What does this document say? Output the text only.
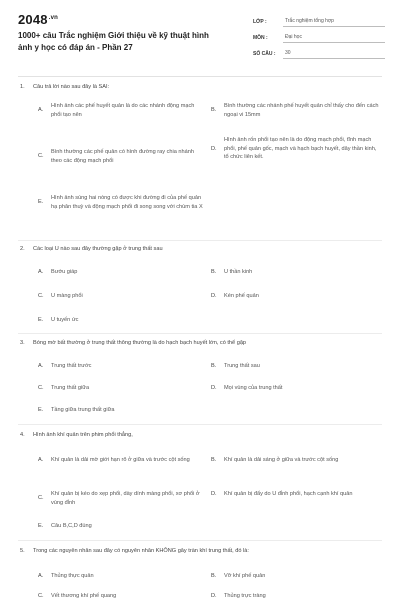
$2048^{.vn}$
1000+ câu Trắc nghiệm Giới thiệu về kỹ thuật hình ảnh y học có đáp án - Phần 27
LỚP :	Trắc nghiệm tổng hợp
MÔN :	Đại học
SỐ CÂU :	30
1. Câu trả lời nào sau đây là SAI:
A.
Hình ảnh các phế huyết quản là do các nhánh động mạch phổi tạo nên
B.
Bình thường các nhánh phế huyết quản chỉ thấy cho đến cách ngoại vi 15mm
C.
Bình thường các phế quản có hình đường ray chia nhánh theo các động mạch phổi
D.
Hình ảnh rốn phổi tạo nên là do động mạch phổi, tĩnh mạch phổi, phế quản gốc, mạch và hạch bạch huyết, dây thần kinh, tổ chức liên kết.
E.
Hình ảnh súng hai nòng có được khi đường đi của phế quản hạ phân thuỳ và động mạch phổi đi song song với chùm tia X
2. Các loại U nào sau đây thường gặp ở trung thất sau
A.	Bướu giáp	B.	U thần kinh
C.	U màng phổi	D.	Kén phế quản
E.	U tuyến ức
3. Bóng mờ bất thường ở trung thất thông thường là do hạch bạch huyết lớn, có thể gặp
A.	Trung thất trước	B.	Trung thất sau
C.	Trung thất giữa	D.	Mọi vùng của trung thất
E.	Tầng giữa trung thất giữa
4. Hình ảnh khí quản trên phim phổi thẳng,
A.	Khí quản là dải mờ giới hạn rõ ở giữa và trước cột sống	B.	Khí quản là dải sáng ở giữa và trước cột sống
C.
Khí quản bị kéo do xẹp phổi, dày dính màng phổi, xơ phổi ở vùng đỉnh
D.	Khí quản bị đẩy do U đỉnh phổi, hạch cạnh khí quản
E.	Câu B,C,D đúng
5. Trong các nguyên nhân sau đây có nguyên nhân KHÔNG gây tràn khí trung thất, đó là:
A.	Thủng thực quản	B.	Vỡ khí phế quản
C.	Vết thương khí phế quang	D.	Thủng trực tràng
